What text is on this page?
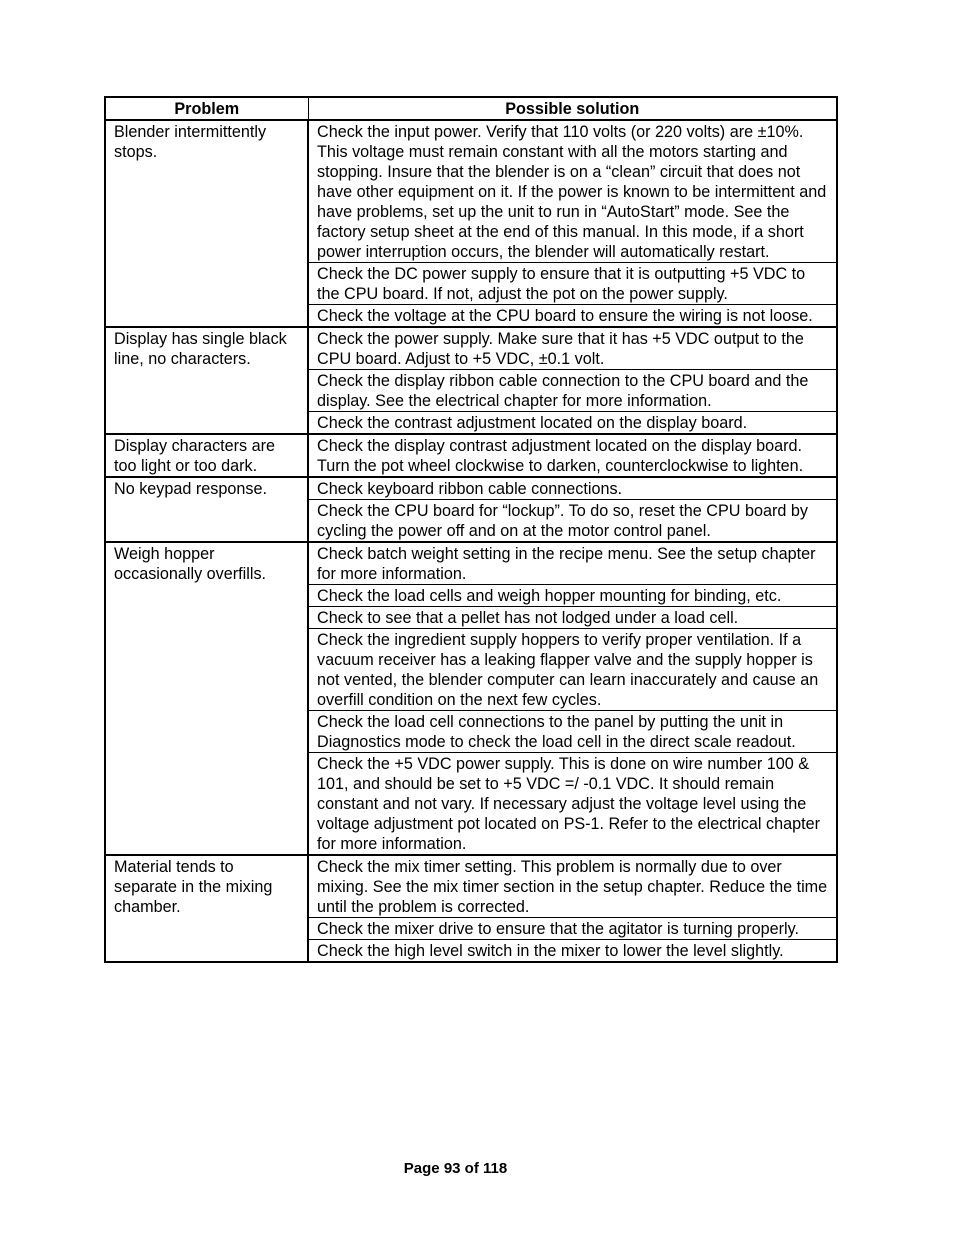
Problem	Possible solution
Blender intermittently stops.	Check the input power. Verify that 110 volts (or 220 volts) are ±10%. This voltage must remain constant with all the motors starting and stopping. Insure that the blender is on a “clean” circuit that does not have other equipment on it. If the power is known to be intermittent and have problems, set up the unit to run in “AutoStart” mode. See the factory setup sheet at the end of this manual. In this mode, if a short power interruption occurs, the blender will automatically restart.
	Check the DC power supply to ensure that it is outputting +5 VDC to the CPU board. If not, adjust the pot on the power supply.
	Check the voltage at the CPU board to ensure the wiring is not loose.
Display has single black line, no characters.	Check the power supply. Make sure that it has +5 VDC output to the CPU board. Adjust to +5 VDC, ±0.1 volt.
	Check the display ribbon cable connection to the CPU board and the display. See the electrical chapter for more information.
	Check the contrast adjustment located on the display board.
Display characters are too light or too dark.	Check the display contrast adjustment located on the display board. Turn the pot wheel clockwise to darken, counterclockwise to lighten.
No keypad response.	Check keyboard ribbon cable connections.
	Check the CPU board for “lockup”. To do so, reset the CPU board by cycling the power off and on at the motor control panel.
Weigh hopper occasionally overfills.	Check batch weight setting in the recipe menu. See the setup chapter for more information.
	Check the load cells and weigh hopper mounting for binding, etc.
	Check to see that a pellet has not lodged under a load cell.
	Check the ingredient supply hoppers to verify proper ventilation. If a vacuum receiver has a leaking flapper valve and the supply hopper is not vented, the blender computer can learn inaccurately and cause an overfill condition on the next few cycles.
	Check the load cell connections to the panel by putting the unit in Diagnostics mode to check the load cell in the direct scale readout.
	Check the +5 VDC power supply. This is done on wire number 100 & 101, and should be set to +5 VDC =/ -0.1 VDC. It should remain constant and not vary. If necessary adjust the voltage level using the voltage adjustment pot located on PS-1. Refer to the electrical chapter for more information.
Material tends to separate in the mixing chamber.	Check the mix timer setting. This problem is normally due to over mixing. See the mix timer section in the setup chapter. Reduce the time until the problem is corrected.
	Check the mixer drive to ensure that the agitator is turning properly.
	Check the high level switch in the mixer to lower the level slightly.
Page 93 of 118
